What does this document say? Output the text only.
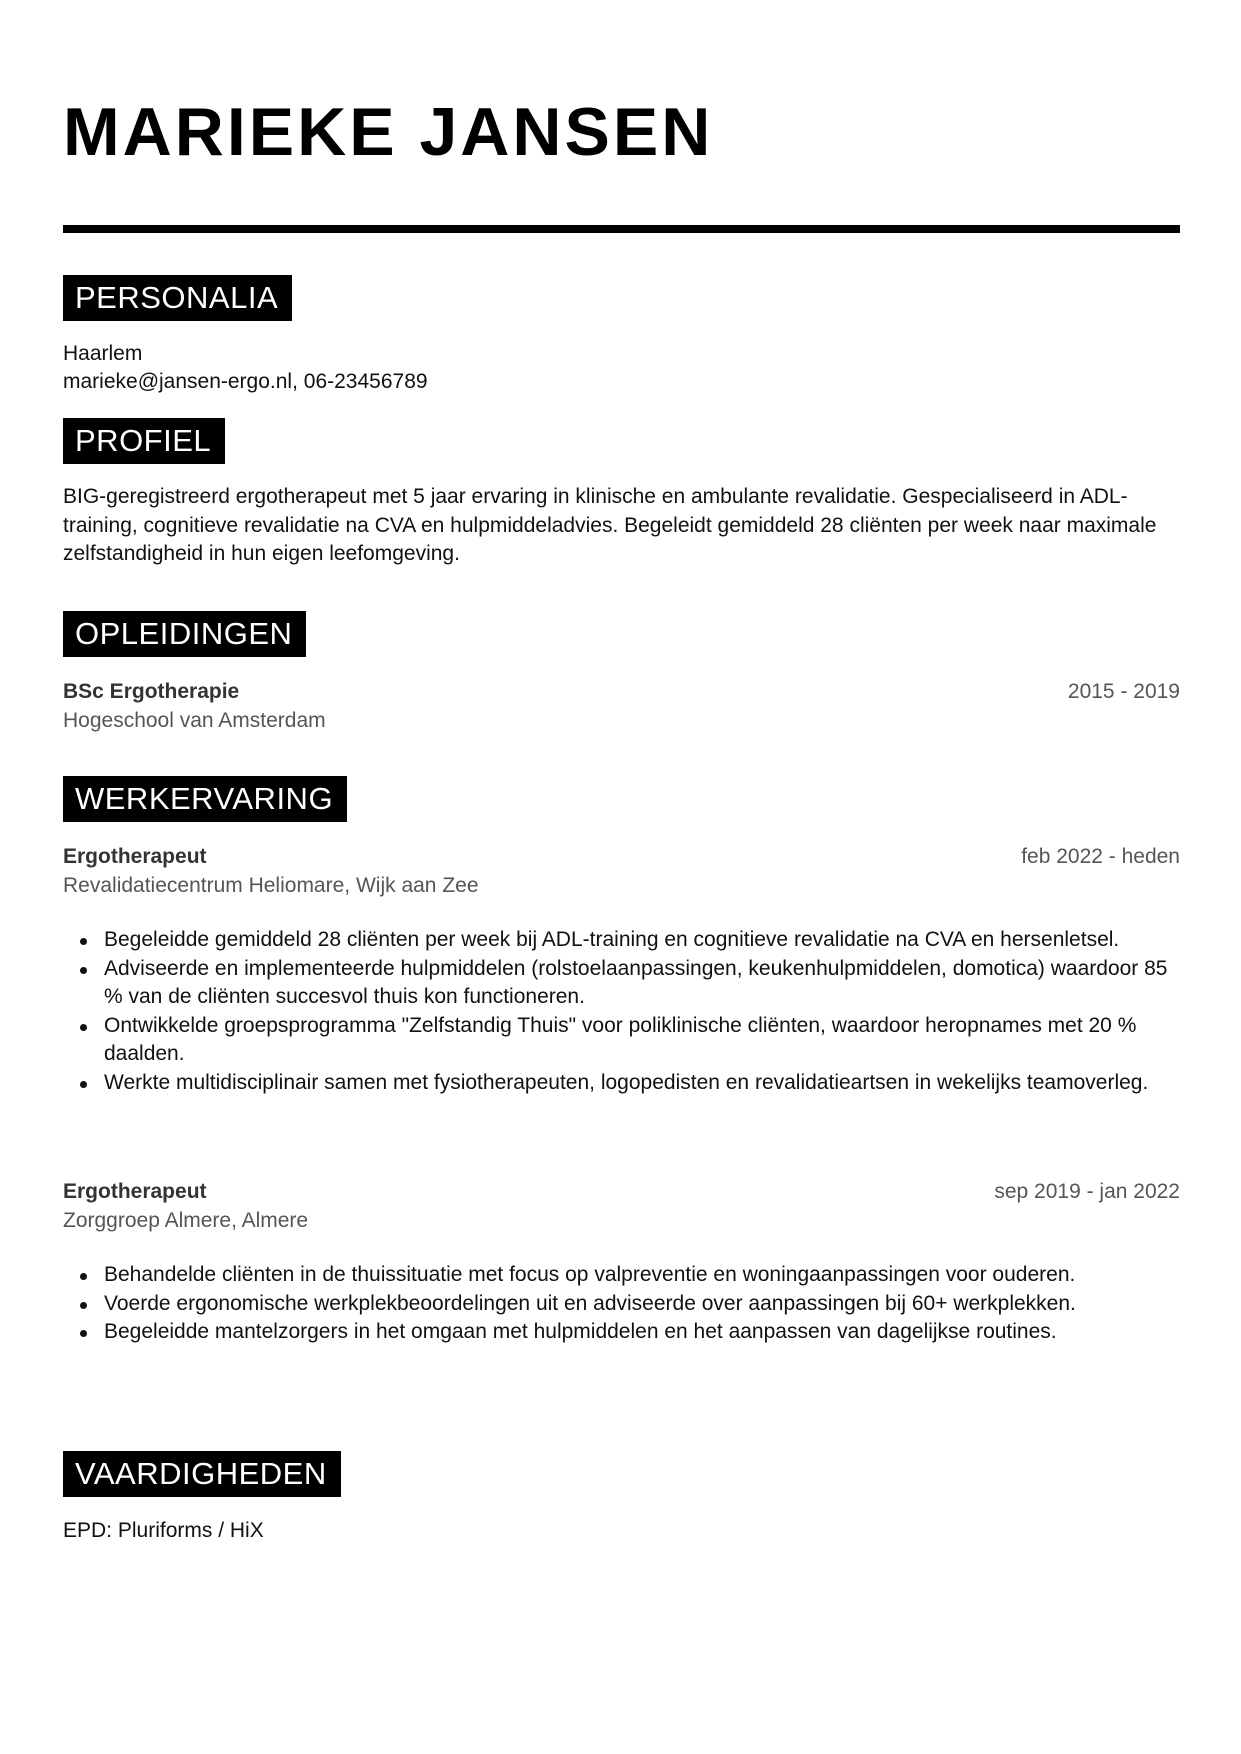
MARIEKE JANSEN
PERSONALIA
Haarlem
marieke@jansen-ergo.nl, 06-23456789
PROFIEL
BIG-geregistreerd ergotherapeut met 5 jaar ervaring in klinische en ambulante revalidatie. Gespecialiseerd in ADL-training, cognitieve revalidatie na CVA en hulpmiddeladvies. Begeleidt gemiddeld 28 cliënten per week naar maximale zelfstandigheid in hun eigen leefomgeving.
OPLEIDINGEN
BSc Ergotherapie	2015 - 2019
Hogeschool van Amsterdam
WERKERVARING
Ergotherapeut	feb 2022 - heden
Revalidatiecentrum Heliomare, Wijk aan Zee
Begeleidde gemiddeld 28 cliënten per week bij ADL-training en cognitieve revalidatie na CVA en hersenletsel.
Adviseerde en implementeerde hulpmiddelen (rolstoelaanpassingen, keukenhulpmiddelen, domotica) waardoor 85 % van de cliënten succesvol thuis kon functioneren.
Ontwikkelde groepsprogramma "Zelfstandig Thuis" voor poliklinische cliënten, waardoor heropnames met 20 % daalden.
Werkte multidisciplinair samen met fysiotherapeuten, logopedisten en revalidatieartsen in wekelijks teamoverleg.
Ergotherapeut	sep 2019 - jan 2022
Zorggroep Almere, Almere
Behandelde cliënten in de thuissituatie met focus op valpreventie en woningaanpassingen voor ouderen.
Voerde ergonomische werkplekbeoordelingen uit en adviseerde over aanpassingen bij 60+ werkplekken.
Begeleidde mantelzorgers in het omgaan met hulpmiddelen en het aanpassen van dagelijkse routines.
VAARDIGHEDEN
EPD: Pluriforms / HiX
